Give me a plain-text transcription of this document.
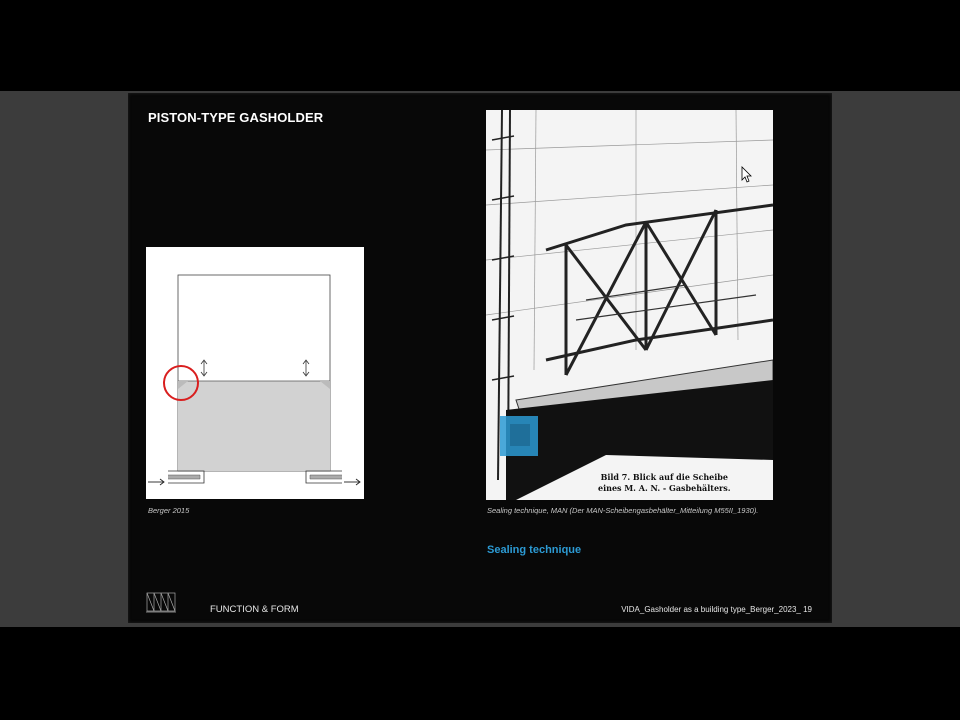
PISTON-TYPE GASHOLDER
Berger 2015
Bild 7. Blick auf die Scheibe
eines M. A. N. - Gasbehälters.
Sealing technique, MAN (Der MAN-Scheibengasbehälter_Mitteilung M55II_1930).
Sealing technique
FUNCTION & FORM	VIDA_Gasholder as a building type_Berger_2023_ 19
